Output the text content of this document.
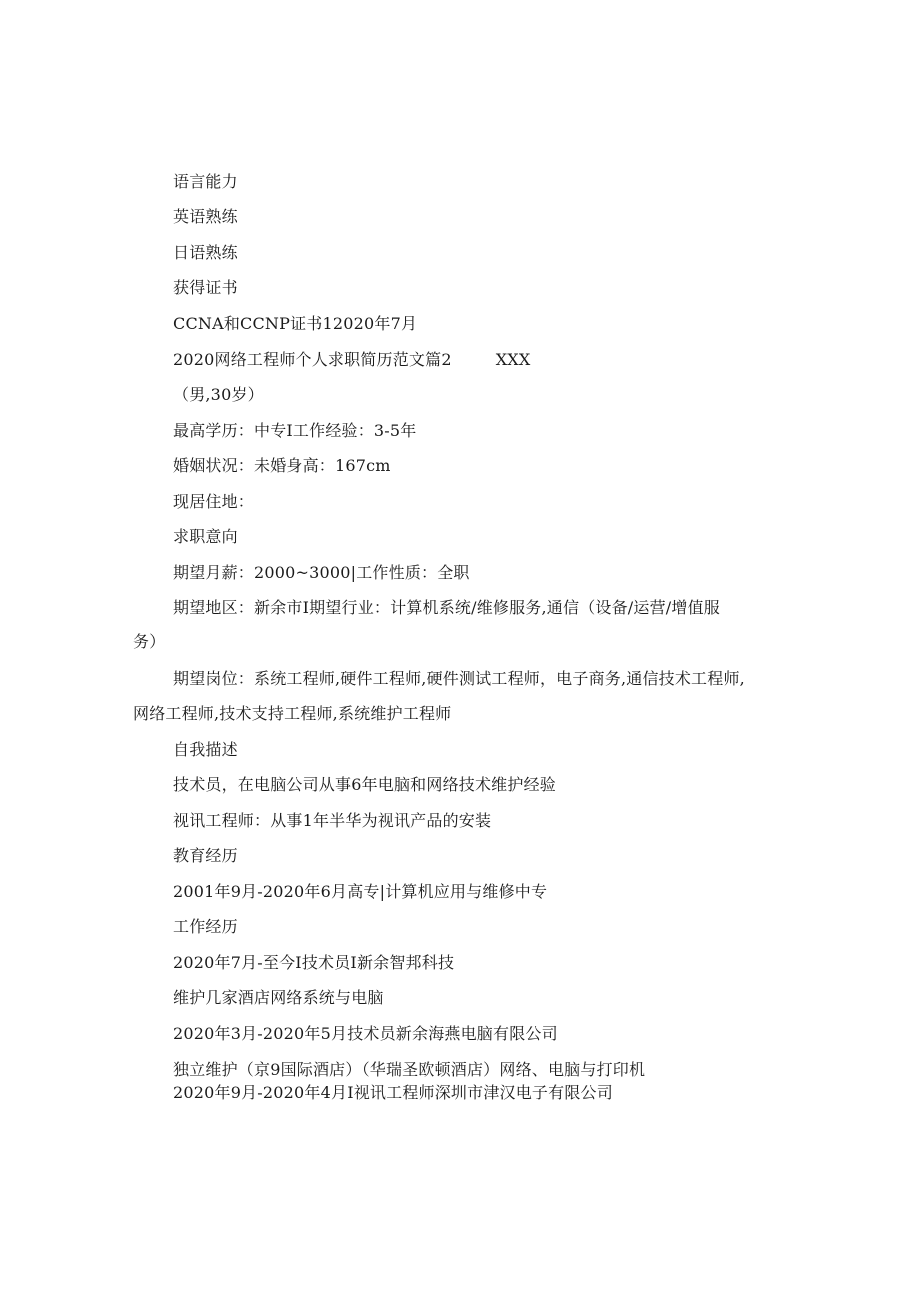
语言能力
英语熟练
日语熟练
获得证书
CCNA和CCNP证书12020年7月
2020网络工程师个人求职简历范文篇2	XXX
（男,30岁）
最高学历：中专I工作经验：3-5年
婚姻状况：未婚身高：167cm
现居住地：
求职意向
期望月薪：2000~3000|工作性质：全职
期望地区：新余市I期望行业：计算机系统/维修服务,通信（设备/运营/增值服
务）
期望岗位：系统工程师,硬件工程师,硬件测试工程师，电子商务,通信技术工程师,
网络工程师,技术支持工程师,系统维护工程师
自我描述
技术员，在电脑公司从事6年电脑和网络技术维护经验
视讯工程师：从事1年半华为视讯产品的安装
教育经历
2001年9月-2020年6月高专|计算机应用与维修中专
工作经历
2020年7月-至今I技术员I新余智邦科技
维护几家酒店网络系统与电脑
2020年3月-2020年5月技术员新余海燕电脑有限公司
独立维护（京9国际酒店）（华瑞圣欧顿酒店）网络、电脑与打印机
2020年9月-2020年4月I视讯工程师深圳市津汉电子有限公司
